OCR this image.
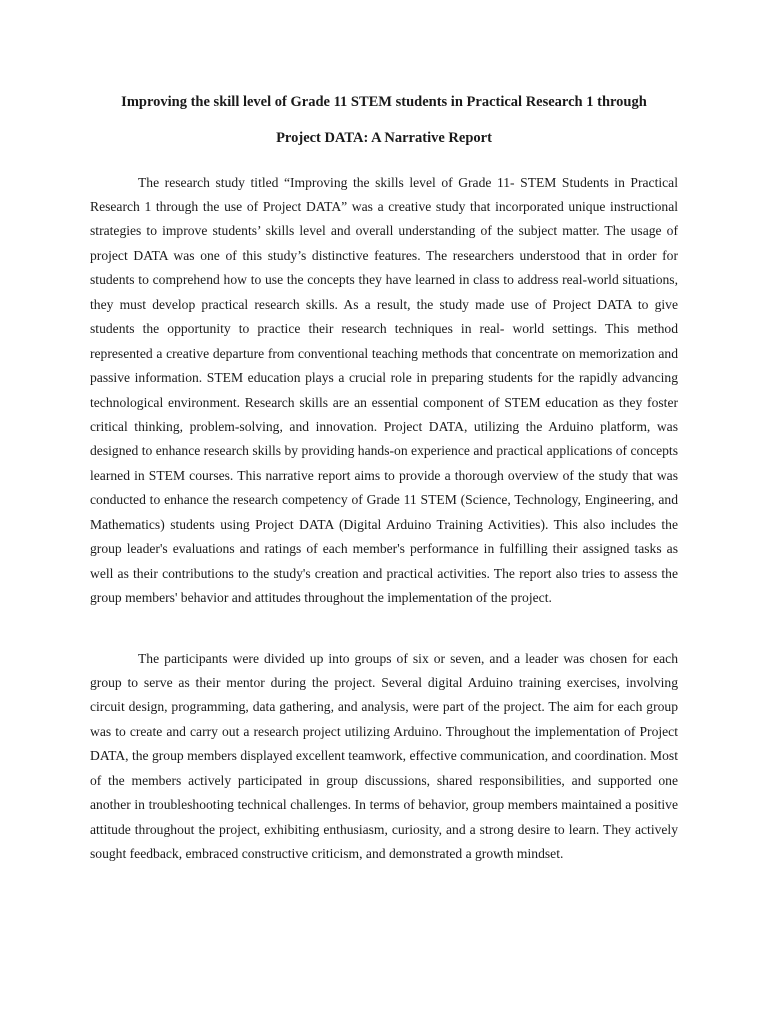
Improving the skill level of Grade 11 STEM students in Practical Research 1 through

Project DATA: A Narrative Report

The research study titled “Improving the skills level of Grade 11- STEM Students in Practical Research 1 through the use of Project DATA” was a creative study that incorporated unique instructional strategies to improve students’ skills level and overall understanding of the subject matter. The usage of project DATA was one of this study’s distinctive features. The researchers understood that in order for students to comprehend how to use the concepts they have learned in class to address real-world situations, they must develop practical research skills. As a result, the study made use of Project DATA to give students the opportunity to practice their research techniques in real- world settings. This method represented a creative departure from conventional teaching methods that concentrate on memorization and passive information. STEM education plays a crucial role in preparing students for the rapidly advancing technological environment. Research skills are an essential component of STEM education as they foster critical thinking, problem-solving, and innovation. Project DATA, utilizing the Arduino platform, was designed to enhance research skills by providing hands-on experience and practical applications of concepts learned in STEM courses. This narrative report aims to provide a thorough overview of the study that was conducted to enhance the research competency of Grade 11 STEM (Science, Technology, Engineering, and Mathematics) students using Project DATA (Digital Arduino Training Activities). This also includes the group leader's evaluations and ratings of each member's performance in fulfilling their assigned tasks as well as their contributions to the study's creation and practical activities. The report also tries to assess the group members' behavior and attitudes throughout the implementation of the project.

The participants were divided up into groups of six or seven, and a leader was chosen for each group to serve as their mentor during the project. Several digital Arduino training exercises, involving circuit design, programming, data gathering, and analysis, were part of the project. The aim for each group was to create and carry out a research project utilizing Arduino. Throughout the implementation of Project DATA, the group members displayed excellent teamwork, effective communication, and coordination. Most of the members actively participated in group discussions, shared responsibilities, and supported one another in troubleshooting technical challenges. In terms of behavior, group members maintained a positive attitude throughout the project, exhibiting enthusiasm, curiosity, and a strong desire to learn. They actively sought feedback, embraced constructive criticism, and demonstrated a growth mindset.
